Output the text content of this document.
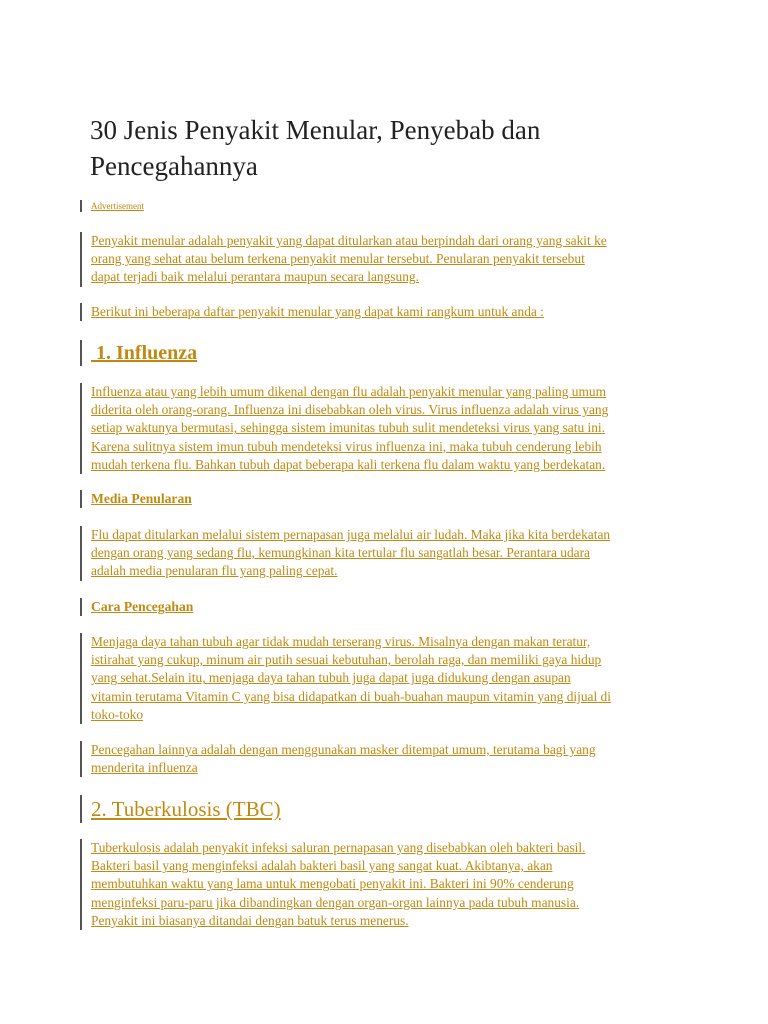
30 Jenis Penyakit Menular, Penyebab dan
Pencegahannya
Advertisement
Penyakit menular adalah penyakit yang dapat ditularkan atau berpindah dari orang yang sakit ke
orang yang sehat atau belum terkena penyakit menular tersebut. Penularan penyakit tersebut
dapat terjadi baik melalui perantara maupun secara langsung.
Berikut ini beberapa daftar penyakit menular yang dapat kami rangkum untuk anda :
1. Influenza
Influenza atau yang lebih umum dikenal dengan flu adalah penyakit menular yang paling umum
diderita oleh orang-orang. Influenza ini disebabkan oleh virus. Virus influenza adalah virus yang
setiap waktunya bermutasi, sehingga sistem imunitas tubuh sulit mendeteksi virus yang satu ini.
Karena sulitnya sistem imun tubuh mendeteksi virus influenza ini, maka tubuh cenderung lebih
mudah terkena flu. Bahkan tubuh dapat beberapa kali terkena flu dalam waktu yang berdekatan.
Media Penularan
Flu dapat ditularkan melalui sistem pernapasan juga melalui air ludah. Maka jika kita berdekatan
dengan orang yang sedang flu, kemungkinan kita tertular flu sangatlah besar. Perantara udara
adalah media penularan flu yang paling cepat.
Cara Pencegahan
Menjaga daya tahan tubuh agar tidak mudah terserang virus. Misalnya dengan makan teratur,
istirahat yang cukup, minum air putih sesuai kebutuhan, berolah raga, dan memiliki gaya hidup
yang sehat.Selain itu, menjaga daya tahan tubuh juga dapat juga didukung dengan asupan
vitamin terutama Vitamin C yang bisa didapatkan di buah-buahan maupun vitamin yang dijual di
toko-toko
Pencegahan lainnya adalah dengan menggunakan masker ditempat umum, terutama bagi yang
menderita influenza
2. Tuberkulosis (TBC)
Tuberkulosis adalah penyakit infeksi saluran pernapasan yang disebabkan oleh bakteri basil.
Bakteri basil yang menginfeksi adalah bakteri basil yang sangat kuat. Akibtanya, akan
membutuhkan waktu yang lama untuk mengobati penyakit ini. Bakteri ini 90% cenderung
menginfeksi paru-paru jika dibandingkan dengan organ-organ lainnya pada tubuh manusia.
Penyakit ini biasanya ditandai dengan batuk terus menerus.
